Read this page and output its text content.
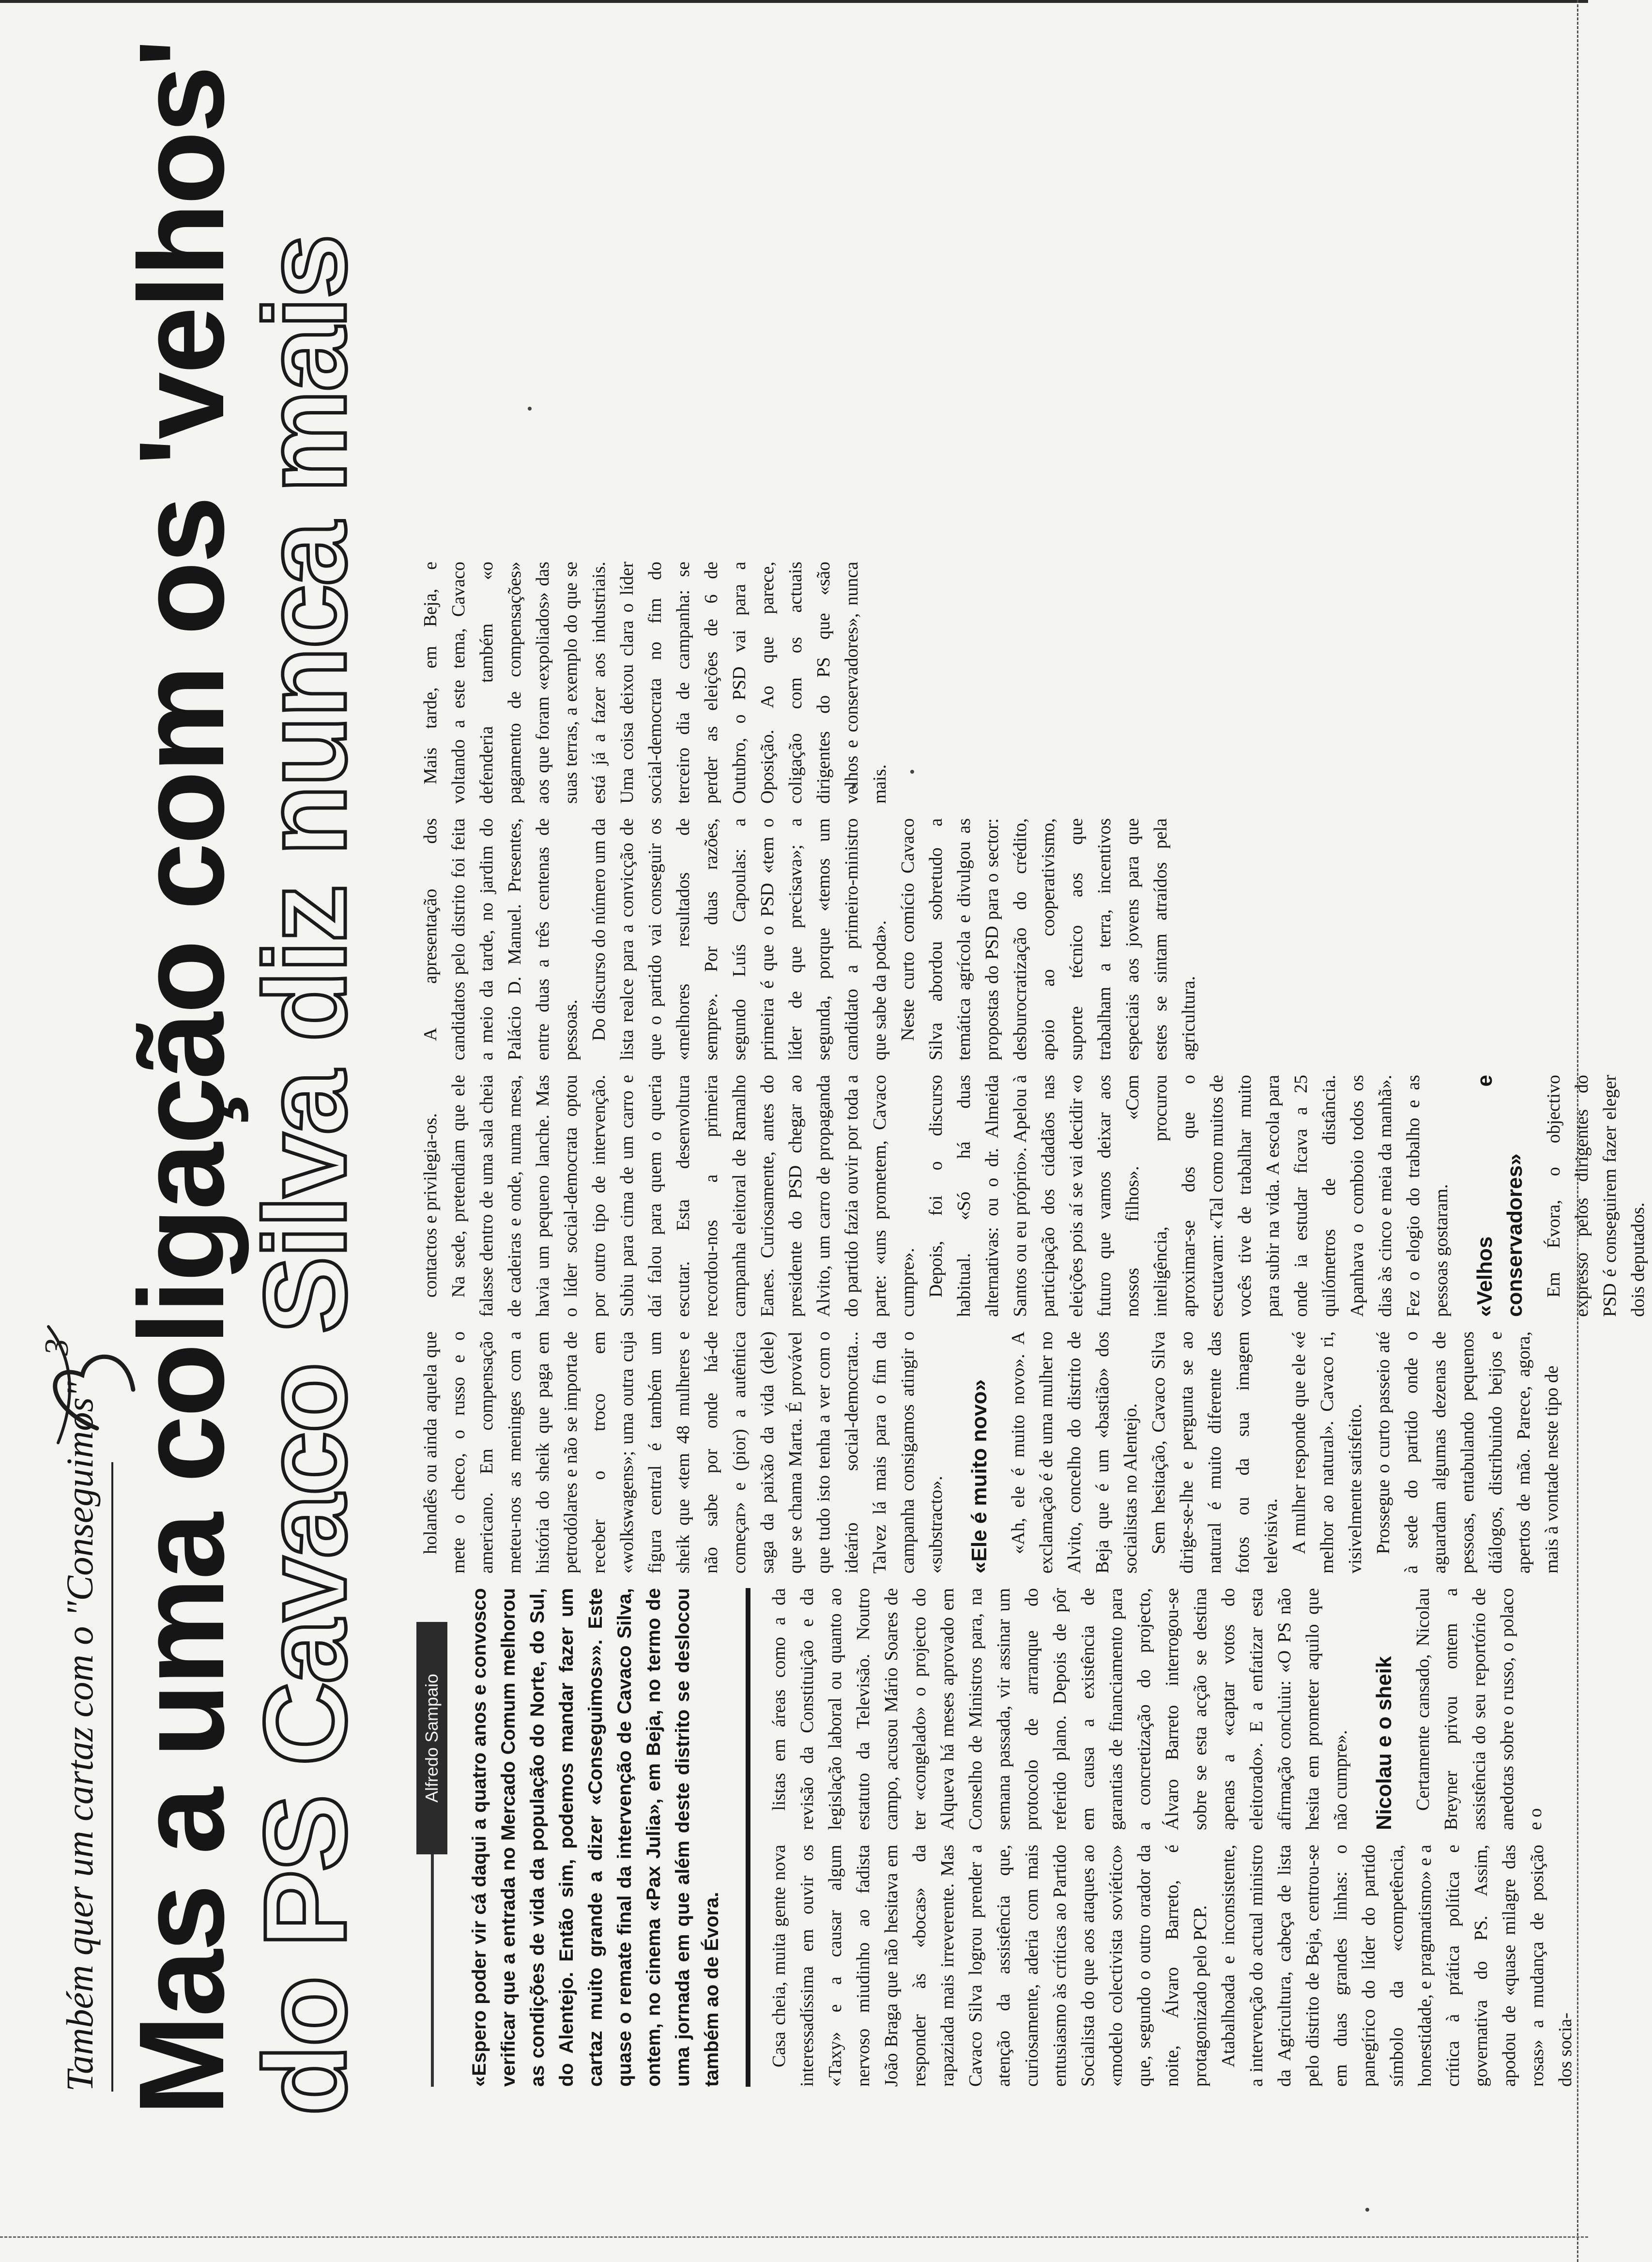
Também quer um cartaz com o "Conseguimos"
3 Mas a uma coligação com os 'velhos'
do PS Cavaco Silva diz nunca mais	Alfredo Sampaio	«Espero poder vir cá daqui a quatro anos e convosco verificar que a entrada no Mercado Comum melhorou as condições de vida da população do Norte, do Sul, do Alentejo. Então sim, podemos mandar fazer um cartaz muito grande a dizer «Conseguimos»». Este quase o remate final da intervenção de Cavaco Silva, ontem, no cinema «Pax Julia», em Beja, no termo de uma jornada em que além deste distrito se deslocou também ao de Évora.	Casa cheia, muita gente nova interessadíssima em ouvir os «Taxy» e a causar algum nervoso miudinho ao fadista João Braga que não hesitava em responder às «bocas» da rapaziada mais irreverente. Mas Cavaco Silva logrou prender a atenção da assistência que, curiosamente, aderia com mais entusiasmo às críticas ao Partido Socialista do que aos ataques ao «modelo colectivista soviético» que, segundo o outro orador da noite, Álvaro Barreto, é protagonizado pelo PCP. Atabalhoada e inconsistente, a intervenção do actual ministro da Agricultura, cabeça de lista pelo distrito de Beja, centrou-se em duas grandes linhas: o panegírico do líder do partido símbolo da «competência, honestidade, e pragmatismo» e a crítica à prática política e governativa do PS. Assim, apodou de «quase milagre das rosas» a mudança de posição dos socia-

listas em áreas como a da revisão da Constituição e da legislação laboral ou quanto ao estatuto da Televisão. Noutro campo, acusou Mário Soares de ter «congelado» o projecto do Alqueva há meses aprovado em Conselho de Ministros para, na semana passada, vir assinar um protocolo de arranque do referido plano. Depois de pôr em causa a existência de garantias de financiamento para a concretização do projecto, Álvaro Barreto interrogou-se sobre se esta acção se destina apenas a «captar votos do eleitorado». E a enfatizar esta afirmação concluiu: «O PS não hesita em prometer aquilo que não cumpre». Nicolau e o sheik Certamente cansado, Nicolau Breyner privou ontem a assistência do seu reportório de anedotas sobre o russo, o polaco e o

holandês ou ainda aquela que mete o checo, o russo e o americano. Em compensação meteu-nos as meninges com a história do sheik que paga em petrodólares e não se importa de receber o troco em «wolkswagens»; uma outra cuja figura central é também um sheik que «tem 48 mulheres e não sabe por onde há-de começar» e (pior) a autêntica saga da paixão da vida (dele) que se chama Marta. É provável que tudo isto tenha a ver com o ideário social-democrata... Talvez lá mais para o fim da campanha consigamos atingir o «substracto». «Ele é muito novo» «Ah, ele é muito novo». A exclamação é de uma mulher no Alvito, concelho do distrito de Beja que é um «bastião» dos socialistas no Alentejo. Sem hesitação, Cavaco Silva dirige-se-lhe e pergunta se ao natural é muito diferente das fotos ou da sua imagem televisiva. A mulher responde que ele «é melhor ao natural». Cavaco ri, visivelmente satisfeito. Prossegue o curto passeio até à sede do partido onde o aguardam algumas dezenas de pessoas, entabulando pequenos diálogos, distribuindo beijos e apertos de mão. Parece, agora, mais à vontade neste tipo de

contactos e privilegia-os. Na sede, pretendiam que ele falasse dentro de uma sala cheia de cadeiras e onde, numa mesa, havia um pequeno lanche. Mas o líder social-democrata optou por outro tipo de intervenção. Subiu para cima de um carro e daí falou para quem o queria escutar. Esta desenvoltura recordou-nos a primeira campanha eleitoral de Ramalho Eanes. Curiosamente, antes do presidente do PSD chegar ao Alvito, um carro de propaganda do partido fazia ouvir por toda a parte: «uns prometem, Cavaco cumpre». Depois, foi o discurso habitual. «Só há duas alternativas: ou o dr. Almeida Santos ou eu próprio». Apelou à participação dos cidadãos nas eleições pois aí se vai decidir «o futuro que vamos deixar aos nossos filhos». «Com inteligência, procurou aproximar-se dos que o escutavam: «Tal como muitos de vocês tive de trabalhar muito para subir na vida. A escola para onde ia estudar ficava a 25 quilómetros de distância. Apanhava o comboio todos os dias às cinco e meia da manhã». Fez o elogio do trabalho e as pessoas gostaram. «Velhos e conservadores» Em Évora, o objectivo expresso pelos dirigentes do PSD é conseguirem fazer eleger dois deputados.

A apresentação dos candidatos pelo distrito foi feita a meio da tarde, no jardim do Palácio D. Manuel. Presentes, entre duas a três centenas de pessoas. Do discurso do número um da lista realce para a convicção de que o partido vai conseguir os «melhores resultados de sempre». Por duas razões, segundo Luís Capoulas: a primeira é que o PSD «tem o líder de que precisava»; a segunda, porque «temos um candidato a primeiro-ministro que sabe da poda». Neste curto comício Cavaco Silva abordou sobretudo a temática agrícola e divulgou as propostas do PSD para o sector: desburocratização do crédito, apoio ao cooperativismo, suporte técnico aos que trabalham a terra, incentivos especiais aos jovens para que estes se sintam atraídos pela agricultura.

Mais tarde, em Beja, e voltando a este tema, Cavaco defenderia também «o pagamento de compensações» aos que foram «expoliados» das suas terras, a exemplo do que se está já a fazer aos industriais. Uma coisa deixou clara o líder social-democrata no fim do terceiro dia de campanha: se perder as eleições de 6 de Outubro, o PSD vai para a Oposição. Ao que parece, coligação com os actuais dirigentes do PS que «são velhos e conservadores», nunca mais.
